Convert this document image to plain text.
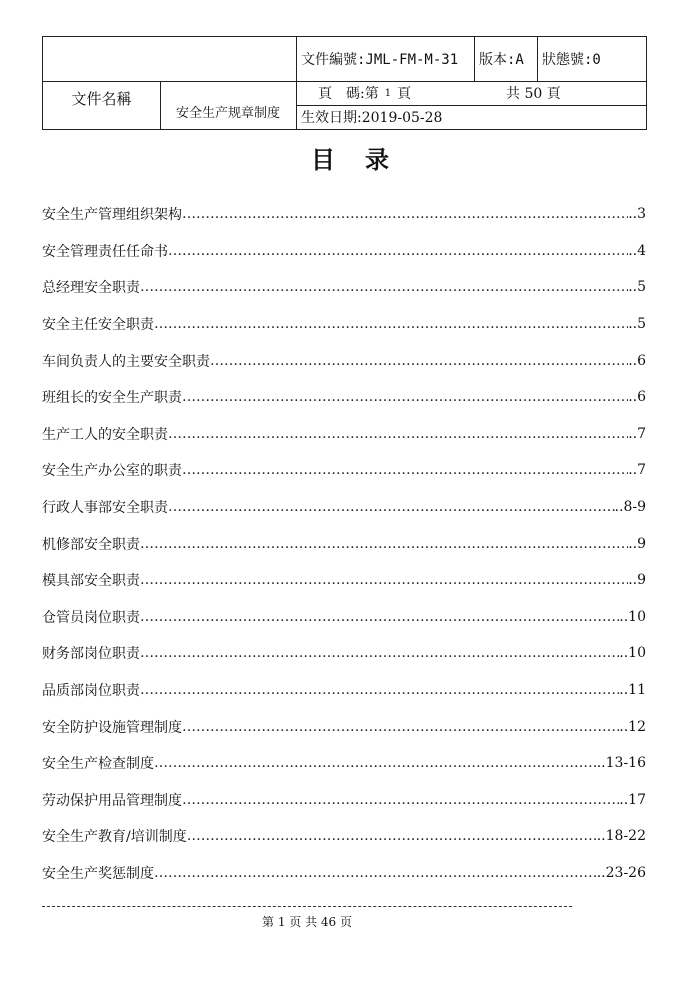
文件編號:JML-FM-M-31	版本:A	狀態號:0
文件名稱
安全生产规章制度
頁　碼:第 1 頁	共 50 頁
生效日期:2019-05-28
目录
安全生产管理组织架构 …………………………………………………………………………………………………………………………………………………………………………………………	..3
安全管理责任任命书 …………………………………………………………………………………………………………………………………………………………………………………………	..4
总经理安全职责 …………………………………………………………………………………………………………………………………………………………………………………………	..5
安全主任安全职责 …………………………………………………………………………………………………………………………………………………………………………………………	..5
车间负责人的主要安全职责 …………………………………………………………………………………………………………………………………………………………………………………………	..6
班组长的安全生产职责 …………………………………………………………………………………………………………………………………………………………………………………………	..6
生产工人的安全职责 …………………………………………………………………………………………………………………………………………………………………………………………	..7
安全生产办公室的职责 …………………………………………………………………………………………………………………………………………………………………………………………	..7
行政人事部安全职责 …………………………………………………………………………………………………………………………………………………………………………………………	..8-9
机修部安全职责 …………………………………………………………………………………………………………………………………………………………………………………………	..9
模具部安全职责 …………………………………………………………………………………………………………………………………………………………………………………………	..9
仓管员岗位职责 …………………………………………………………………………………………………………………………………………………………………………………………	..10
财务部岗位职责 …………………………………………………………………………………………………………………………………………………………………………………………	..10
品质部岗位职责 …………………………………………………………………………………………………………………………………………………………………………………………	..11
安全防护设施管理制度 …………………………………………………………………………………………………………………………………………………………………………………………	..12
安全生产检查制度 …………………………………………………………………………………………………………………………………………………………………………………………	..13-16
劳动保护用品管理制度 …………………………………………………………………………………………………………………………………………………………………………………………	..17
安全生产教育/培训制度 …………………………………………………………………………………………………………………………………………………………………………………………	..18-22
安全生产奖惩制度 …………………………………………………………………………………………………………………………………………………………………………………………	..23-26
第 1 页 共 46 页
